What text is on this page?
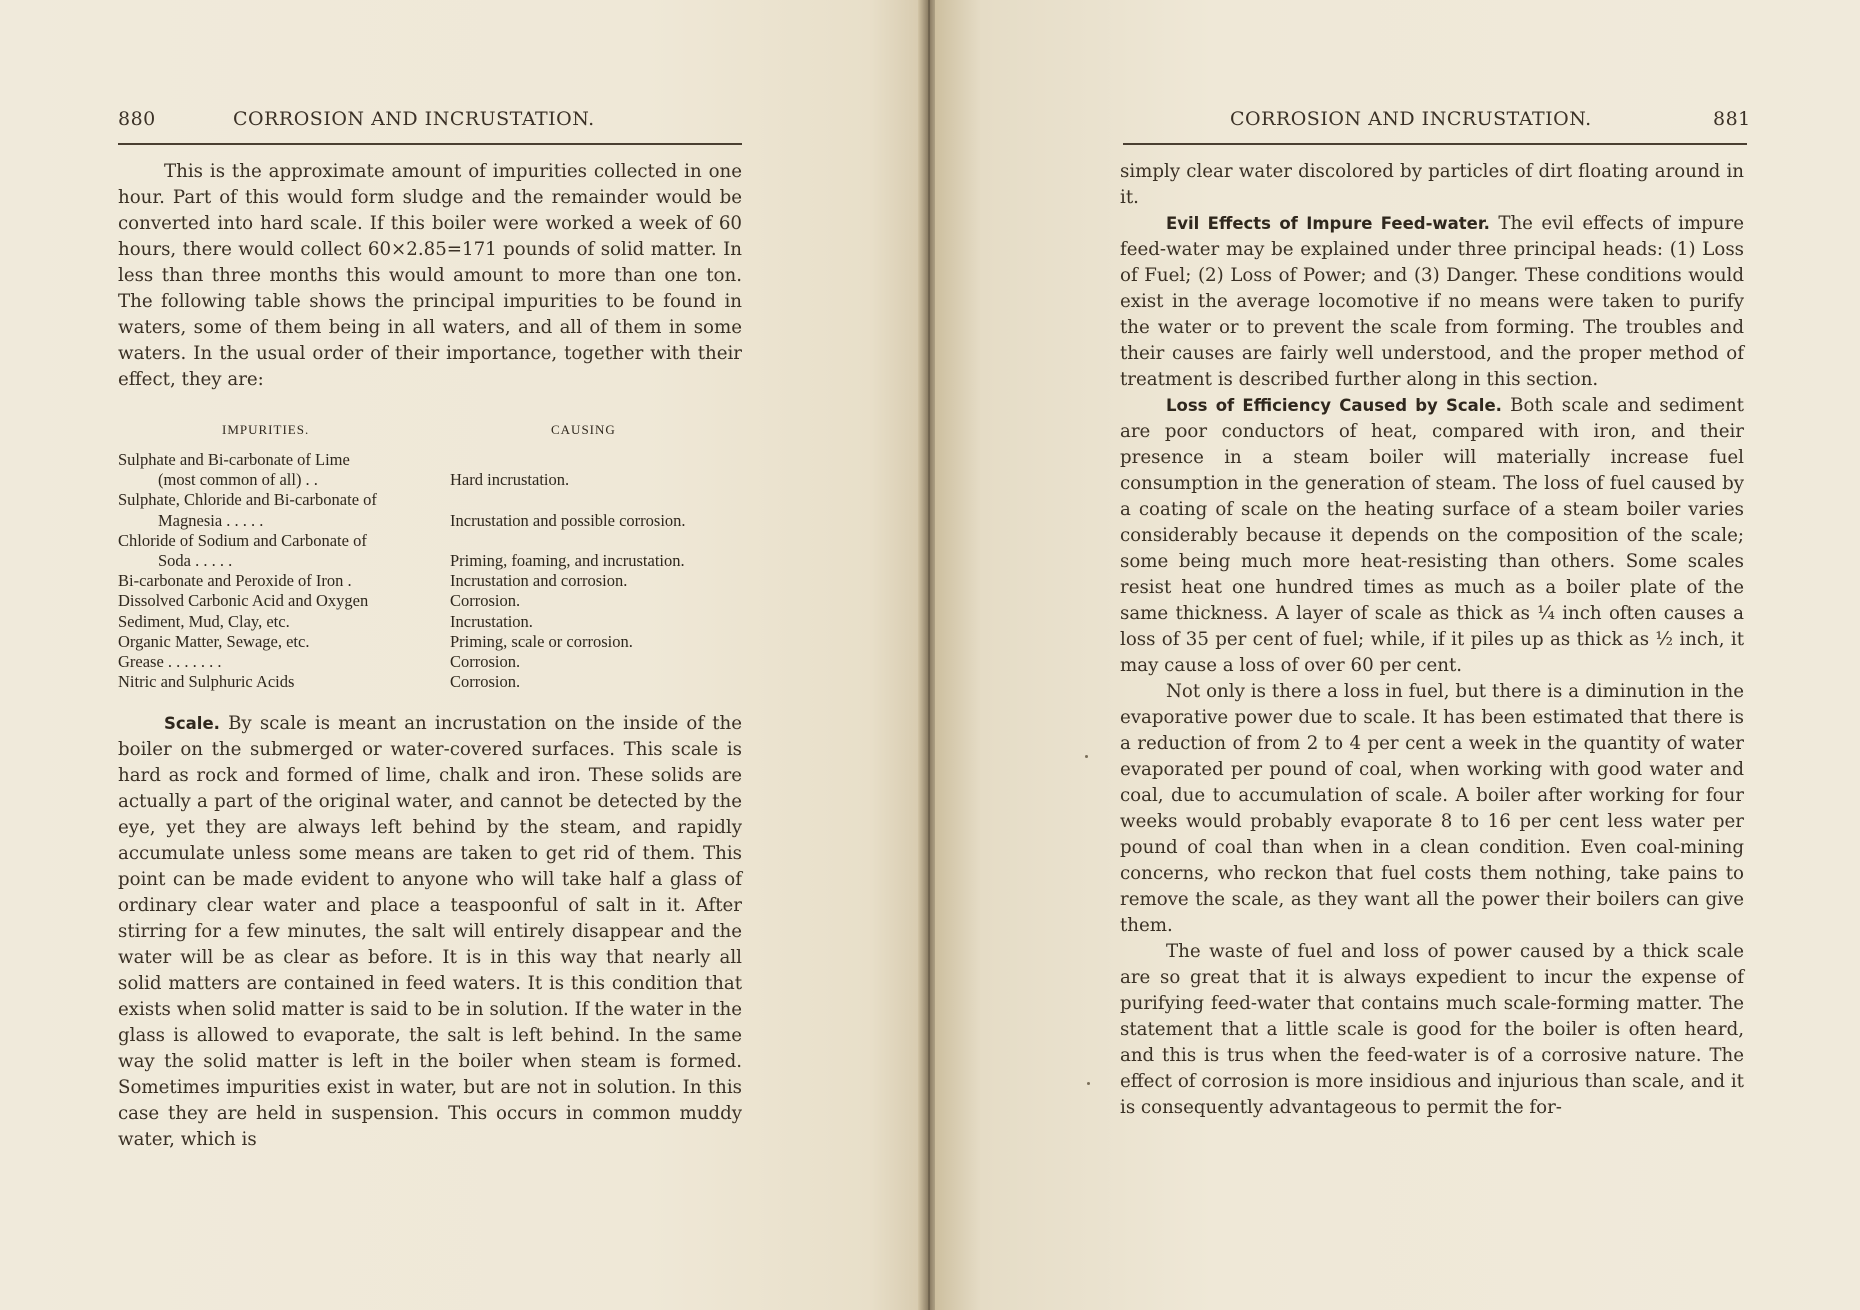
880	CORROSION AND INCRUSTATION.

This is the approximate amount of impurities collected in one hour. Part of this would form sludge and the remainder would be converted into hard scale. If this boiler were worked a week of 60 hours, there would collect 60×2.85=171 pounds of solid matter. In less than three months this would amount to more than one ton. The following table shows the principal impurities to be found in waters, some of them being in all waters, and all of them in some waters. In the usual order of their importance, together with their effect, they are:

IMPURITIES.	CAUSING
Sulphate and Bi-carbonate of Lime
(most common of all) . .	Hard incrustation.
Sulphate, Chloride and Bi-carbonate of
Magnesia . . . . .	Incrustation and possible corrosion.
Chloride of Sodium and Carbonate of
Soda . . . . .	Priming, foaming, and incrustation.
Bi-carbonate and Peroxide of Iron .	Incrustation and corrosion.
Dissolved Carbonic Acid and Oxygen	Corrosion.
Sediment, Mud, Clay, etc.	Incrustation.
Organic Matter, Sewage, etc.	Priming, scale or corrosion.
Grease . . . . . . .	Corrosion.
Nitric and Sulphuric Acids	Corrosion.

Scale. By scale is meant an incrustation on the inside of the boiler on the submerged or water-covered surfaces. This scale is hard as rock and formed of lime, chalk and iron. These solids are actually a part of the original water, and cannot be detected by the eye, yet they are always left behind by the steam, and rapidly accumulate unless some means are taken to get rid of them. This point can be made evident to anyone who will take half a glass of ordinary clear water and place a teaspoonful of salt in it. After stirring for a few minutes, the salt will entirely disappear and the water will be as clear as before. It is in this way that nearly all solid matters are contained in feed waters. It is this condition that exists when solid matter is said to be in solution. If the water in the glass is allowed to evaporate, the salt is left behind. In the same way the solid matter is left in the boiler when steam is formed. Sometimes impurities exist in water, but are not in solution. In this case they are held in suspension. This occurs in common muddy water, which is

CORROSION AND INCRUSTATION.	881

simply clear water discolored by particles of dirt floating around in it.

Evil Effects of Impure Feed-water. The evil effects of impure feed-water may be explained under three principal heads: (1) Loss of Fuel; (2) Loss of Power; and (3) Danger. These conditions would exist in the average locomotive if no means were taken to purify the water or to prevent the scale from forming. The troubles and their causes are fairly well understood, and the proper method of treatment is described further along in this section.

Loss of Efficiency Caused by Scale. Both scale and sediment are poor conductors of heat, compared with iron, and their presence in a steam boiler will materially increase fuel consumption in the generation of steam. The loss of fuel caused by a coating of scale on the heating surface of a steam boiler varies considerably because it depends on the composition of the scale; some being much more heat-resisting than others. Some scales resist heat one hundred times as much as a boiler plate of the same thickness. A layer of scale as thick as ¼ inch often causes a loss of 35 per cent of fuel; while, if it piles up as thick as ½ inch, it may cause a loss of over 60 per cent.

Not only is there a loss in fuel, but there is a diminution in the evaporative power due to scale. It has been estimated that there is a reduction of from 2 to 4 per cent a week in the quantity of water evaporated per pound of coal, when working with good water and coal, due to accumulation of scale. A boiler after working for four weeks would probably evaporate 8 to 16 per cent less water per pound of coal than when in a clean condition. Even coal-mining concerns, who reckon that fuel costs them nothing, take pains to remove the scale, as they want all the power their boilers can give them.

The waste of fuel and loss of power caused by a thick scale are so great that it is always expedient to incur the expense of purifying feed-water that contains much scale-forming matter. The statement that a little scale is good for the boiler is often heard, and this is trus when the feed-water is of a corrosive nature. The effect of corrosion is more insidious and injurious than scale, and it is consequently advantageous to permit the for-
